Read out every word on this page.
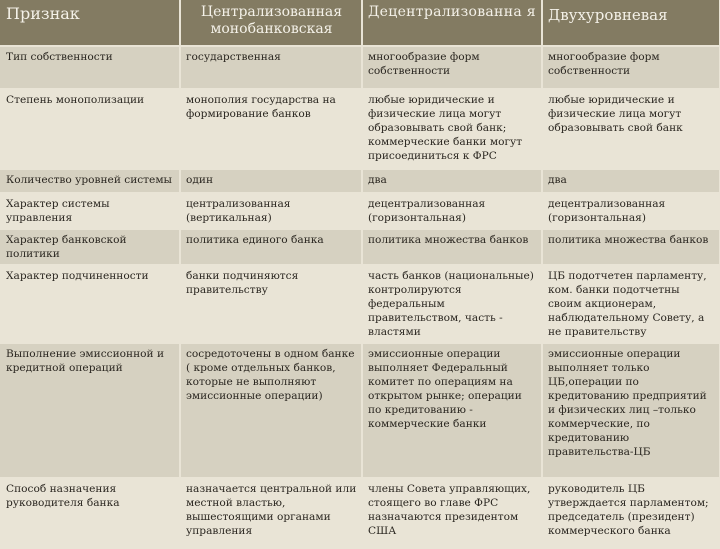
Признак	Централизованная монобанковская	Децентрализованна я	Двухуровневая
Тип собственности	государственная	многообразие форм собственности	многообразие форм собственности
Степень монополизации	монополия государства на формирование банков	любые юридические и физические лица могут образовывать свой банк; коммерческие банки могут присоединиться к ФРС	любые юридические и физические лица могут образовывать свой банк
Количество уровней системы	один	два	два
Характер системы управления	централизованная (вертикальная)	децентрализованная (горизонтальная)	децентрализованная (горизонтальная)
Характер банковской политики	политика единого банка	политика множества банков	политика множества банков
Характер подчиненности	банки подчиняются правительству	часть банков (национальные) контролируются федеральным правительством, часть - властями	ЦБ подотчетен парламенту, ком. банки подотчетны своим акционерам, наблюдательному Совету, а не правительству
Выполнение эмиссионной и кредитной операций	сосредоточены в одном банке ( кроме отдельных банков, которые не выполняют эмиссионные операции)	эмиссионные операции выполняет Федеральный комитет по операциям на открытом рынке; операции по кредитованию - коммерческие банки	эмиссионные операции выполняет только ЦБ,операции по кредитованию предприятий и физических лиц –только коммерческие, по кредитованию правительства-ЦБ
Способ назначения руководителя банка	назначается центральной или местной властью, вышестоящими органами управления	члены Совета управляющих, стоящего во главе ФРС назначаются президентом США	руководитель ЦБ утверждается парламентом; председатель (президент) коммерческого банка
